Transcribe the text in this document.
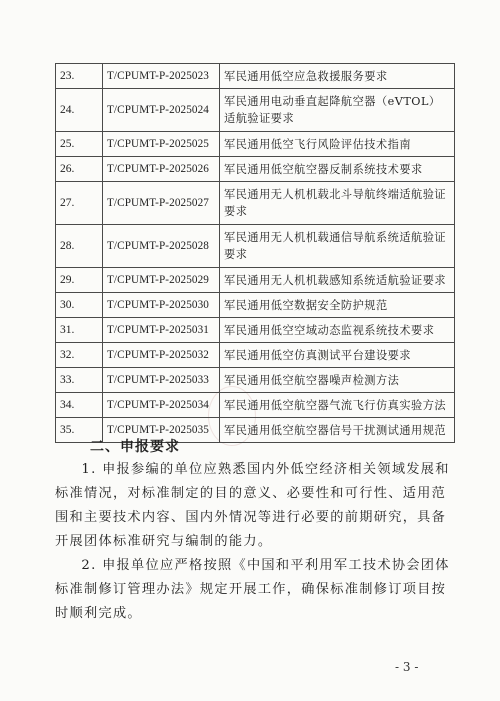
23.	T/CPUMT-P-2025023	军民通用低空应急救援服务要求
24.	T/CPUMT-P-2025024	军民通用电动垂直起降航空器（eVTOL）适航验证要求
25.	T/CPUMT-P-2025025	军民通用低空飞行风险评估技术指南
26.	T/CPUMT-P-2025026	军民通用低空航空器反制系统技术要求
27.	T/CPUMT-P-2025027	军民通用无人机机载北斗导航终端适航验证要求
28.	T/CPUMT-P-2025028	军民通用无人机机载通信导航系统适航验证要求
29.	T/CPUMT-P-2025029	军民通用无人机机载感知系统适航验证要求
30.	T/CPUMT-P-2025030	军民通用低空数据安全防护规范
31.	T/CPUMT-P-2025031	军民通用低空空域动态监视系统技术要求
32.	T/CPUMT-P-2025032	军民通用低空仿真测试平台建设要求
33.	T/CPUMT-P-2025033	军民通用低空航空器噪声检测方法
34.	T/CPUMT-P-2025034	军民通用低空航空器气流飞行仿真实验方法
35.	T/CPUMT-P-2025035	军民通用低空航空器信号干扰测试通用规范
二、申报要求

1. 申报参编的单位应熟悉国内外低空经济相关领域发展和标准情况，对标准制定的目的意义、必要性和可行性、适用范围和主要技术内容、国内外情况等进行必要的前期研究，具备开展团体标准研究与编制的能力。

2. 申报单位应严格按照《中国和平利用军工技术协会团体标准制修订管理办法》规定开展工作，确保标准制修订项目按时顺利完成。

- 3 -
